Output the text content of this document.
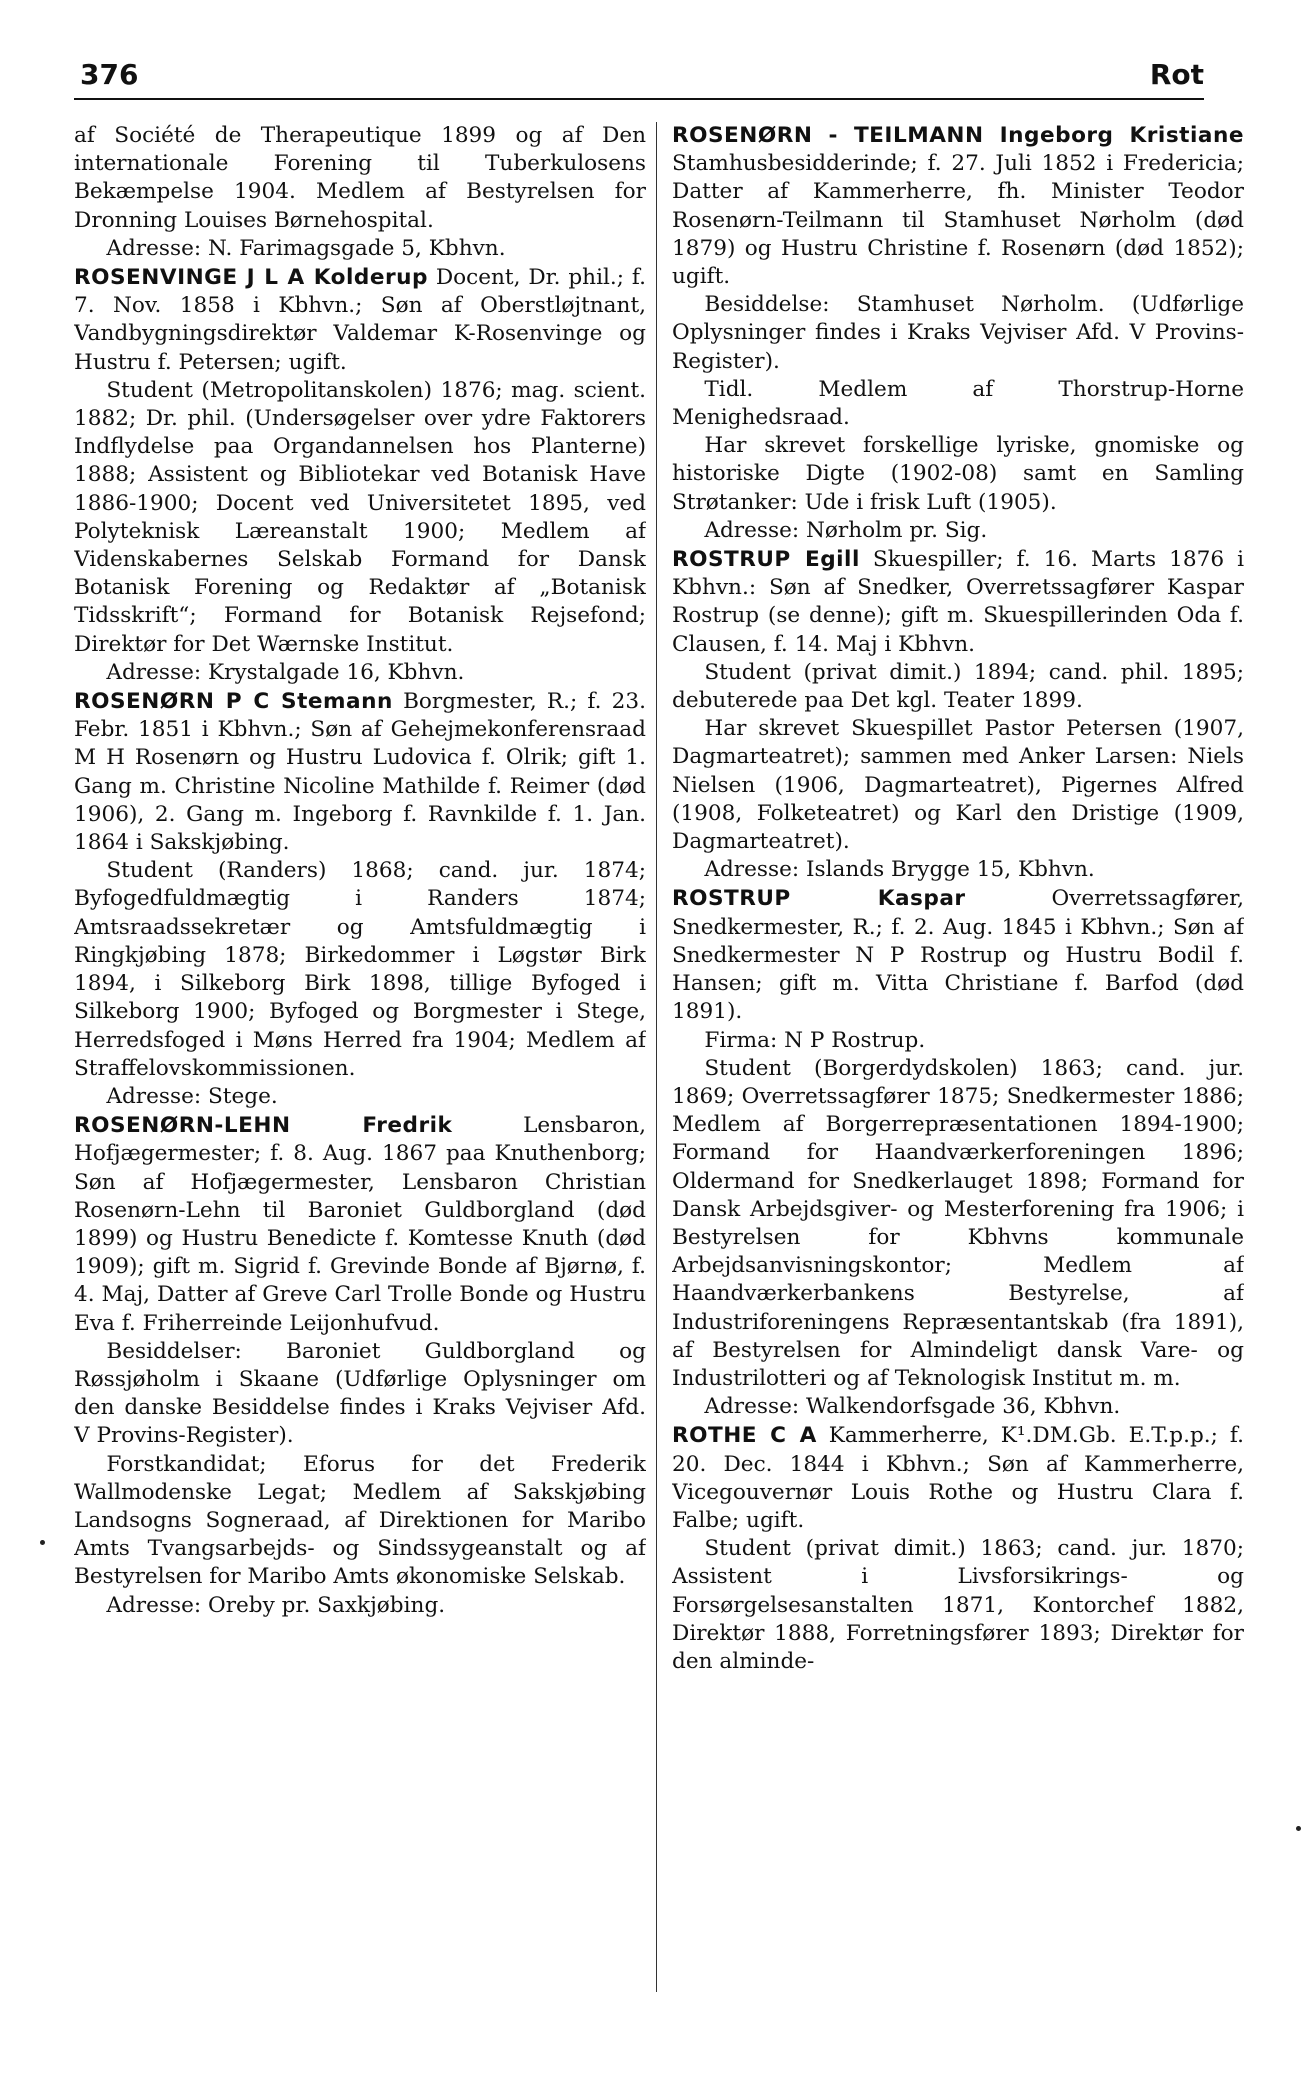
376	Rot
af Société de Therapeutique 1899 og af Den internationale Forening til Tuberkulosens Bekæmpelse 1904. Medlem af Bestyrelsen for Dronning Louises Børnehospital.
Adresse: N. Farimagsgade 5, Kbhvn.
ROSENVINGE J L A Kolderup Docent, Dr. phil.; f. 7. Nov. 1858 i Kbhvn.; Søn af Oberstløjtnant, Vandbygningsdirektør Valdemar K-Rosenvinge og Hustru f. Petersen; ugift.
Student (Metropolitanskolen) 1876; mag. scient. 1882; Dr. phil. (Undersøgelser over ydre Faktorers Indflydelse paa Organdannelsen hos Planterne) 1888; Assistent og Bibliotekar ved Botanisk Have 1886-1900; Docent ved Universitetet 1895, ved Polyteknisk Læreanstalt 1900; Medlem af Videnskabernes Selskab Formand for Dansk Botanisk Forening og Redaktør af „Botanisk Tidsskrift“; Formand for Botanisk Rejsefond; Direktør for Det Wærnske Institut.
Adresse: Krystalgade 16, Kbhvn.
ROSENØRN P C Stemann Borgmester, R.; f. 23. Febr. 1851 i Kbhvn.; Søn af Gehejmekonferensraad M H Rosenørn og Hustru Ludovica f. Olrik; gift 1. Gang m. Christine Nicoline Mathilde f. Reimer (død 1906), 2. Gang m. Ingeborg f. Ravnkilde f. 1. Jan. 1864 i Sakskjøbing.
Student (Randers) 1868; cand. jur. 1874; Byfogedfuldmægtig i Randers 1874; Amtsraadssekretær og Amtsfuldmægtig i Ringkjøbing 1878; Birkedommer i Løgstør Birk 1894, i Silkeborg Birk 1898, tillige Byfoged i Silkeborg 1900; Byfoged og Borgmester i Stege, Herredsfoged i Møns Herred fra 1904; Medlem af Straffelovskommissionen.
Adresse: Stege.
ROSENØRN-LEHN Fredrik	Lensbaron, Hofjægermester; f. 8. Aug. 1867 paa Knuthenborg; Søn af Hofjægermester, Lensbaron Christian Rosenørn-Lehn til Baroniet Guldborgland (død 1899) og Hustru Benedicte f. Komtesse Knuth (død 1909); gift m. Sigrid f. Grevinde Bonde af Bjørnø, f. 4. Maj, Datter af Greve Carl Trolle Bonde og Hustru Eva f. Friherreinde Leijonhufvud.
Besiddelser: Baroniet Guldborgland og Røssjøholm i Skaane (Udførlige Oplysninger om den danske Besiddelse findes i Kraks Vejviser Afd. V Provins-Register).
Forstkandidat; Eforus for det Frederik Wallmodenske Legat; Medlem af Sakskjøbing Landsogns Sogneraad, af Direktionen for Maribo Amts Tvangsarbejds- og Sindssygeanstalt og af Bestyrelsen for Maribo Amts økonomiske Selskab.
Adresse: Oreby pr. Saxkjøbing.
ROSENØRN - TEILMANN Ingeborg Kristiane Stamhusbesidderinde; f. 27. Juli 1852 i Fredericia; Datter af Kammerherre, fh. Minister Teodor Rosenørn-Teilmann til Stamhuset Nørholm (død 1879) og Hustru Christine f. Rosenørn (død 1852); ugift.
Besiddelse: Stamhuset Nørholm. (Udførlige Oplysninger findes i Kraks Vejviser Afd. V Provins-Register).
Tidl. Medlem af Thorstrup-Horne Menighedsraad.
Har skrevet forskellige lyriske, gnomiske og historiske Digte (1902-08) samt en Samling Strøtanker: Ude i frisk Luft (1905).
Adresse: Nørholm pr. Sig.
ROSTRUP Egill Skuespiller; f. 16. Marts 1876 i Kbhvn.: Søn af Snedker, Overretssagfører Kaspar Rostrup (se denne); gift m. Skuespillerinden Oda f. Clausen, f. 14. Maj i Kbhvn.
Student (privat dimit.) 1894; cand. phil. 1895; debuterede paa Det kgl. Teater 1899.
Har skrevet Skuespillet Pastor Petersen (1907, Dagmarteatret); sammen med Anker Larsen: Niels Nielsen (1906, Dagmarteatret), Pigernes Alfred (1908, Folketeatret) og Karl den Dristige (1909, Dagmarteatret).
Adresse: Islands Brygge 15, Kbhvn.
ROSTRUP Kaspar	Overretssagfører, Snedkermester, R.; f. 2. Aug. 1845 i Kbhvn.; Søn af Snedkermester N P Rostrup og Hustru Bodil f. Hansen; gift m. Vitta Christiane f. Barfod (død 1891).
Firma: N P Rostrup.
Student (Borgerdydskolen) 1863; cand. jur. 1869; Overretssagfører 1875; Snedkermester 1886; Medlem af Borgerrepræsentationen 1894-1900; Formand for Haandværkerforeningen 1896; Oldermand for Snedkerlauget 1898; Formand for Dansk Arbejdsgiver- og Mesterforening fra 1906; i Bestyrelsen for Kbhvns kommunale Arbejdsanvisningskontor; Medlem af Haandværkerbankens Bestyrelse, af Industriforeningens Repræsentantskab (fra 1891), af Bestyrelsen for Almindeligt dansk Vare- og Industrilotteri og af Teknologisk Institut m. m.
Adresse: Walkendorfsgade 36, Kbhvn.
ROTHE C A Kammerherre, K¹.DM.Gb. E.T.p.p.; f. 20. Dec. 1844 i Kbhvn.; Søn af Kammerherre, Vicegouvernør Louis Rothe og Hustru Clara f. Falbe; ugift.
Student (privat dimit.) 1863; cand. jur. 1870; Assistent i Livsforsikrings- og Forsørgelsesanstalten 1871, Kontorchef 1882, Direktør 1888, Forretningsfører 1893; Direktør for den alminde-
